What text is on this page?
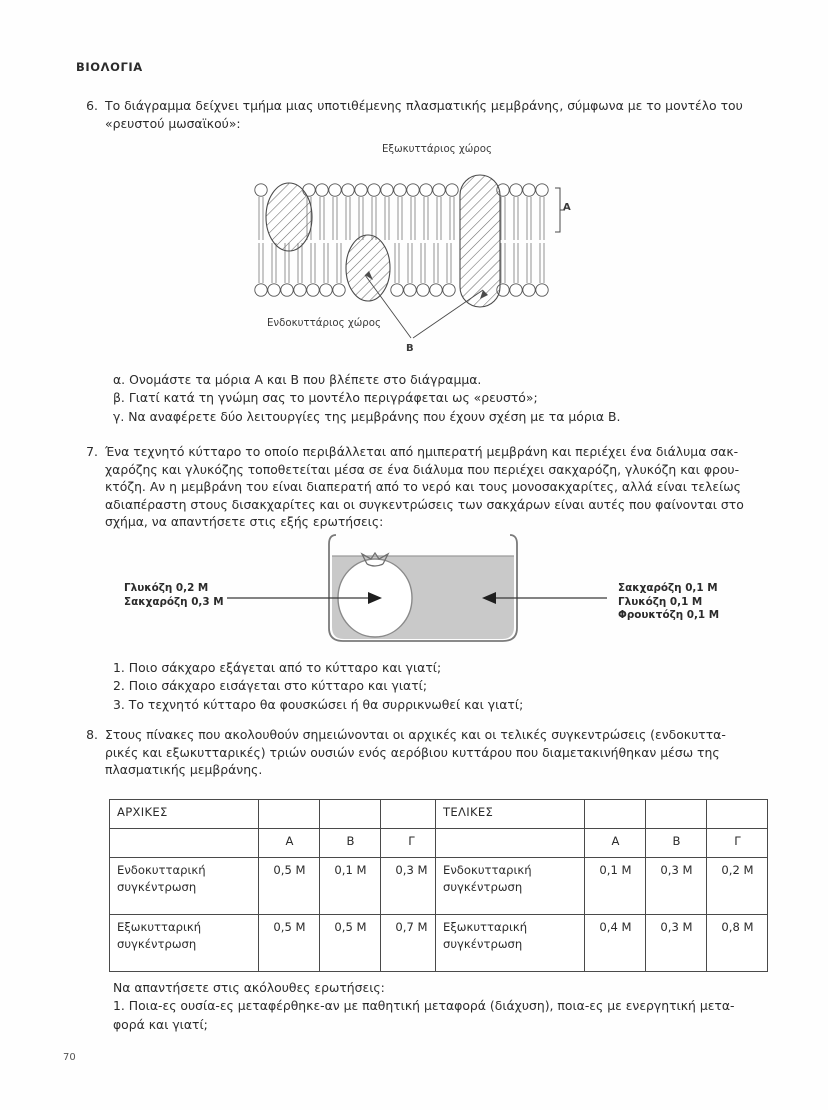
ΒΙΟΛΟΓΙΑ
6. Το διάγραμμα δείχνει τμήμα μιας υποτιθέμενης πλασματικής μεμβράνης, σύμφωνα με το μοντέλο του
«ρευστού μωσαϊκού»:
Εξωκυττάριος χώρος
Ενδοκυττάριος χώρος
A
B
α. Ονομάστε τα μόρια Α και Β που βλέπετε στο διάγραμμα.
β. Γιατί κατά τη γνώμη σας το μοντέλο περιγράφεται ως «ρευστό»;
γ. Να αναφέρετε δύο λειτουργίες της μεμβράνης που έχουν σχέση με τα μόρια Β.
7. Ένα τεχνητό κύτταρο το οποίο περιβάλλεται από ημιπερατή μεμβράνη και περιέχει ένα διάλυμα σακ-
χαρόζης και γλυκόζης τοποθετείται μέσα σε ένα διάλυμα που περιέχει σακχαρόζη, γλυκόζη και φρου-
κτόζη. Αν η μεμβράνη του είναι διαπερατή από το νερό και τους μονοσακχαρίτες, αλλά είναι τελείως
αδιαπέραστη στους δισακχαρίτες και οι συγκεντρώσεις των σακχάρων είναι αυτές που φαίνονται στο
σχήμα, να απαντήσετε στις εξής ερωτήσεις:
Γλυκόζη 0,2 Μ
Σακχαρόζη 0,3 Μ
Σακχαρόζη 0,1 Μ
Γλυκόζη 0,1 Μ
Φρουκτόζη 0,1 Μ
1. Ποιο σάκχαρο εξάγεται από το κύτταρο και γιατί;
2. Ποιο σάκχαρο εισάγεται στο κύτταρο και γιατί;
3. Το τεχνητό κύτταρο θα φουσκώσει ή θα συρρικνωθεί και γιατί;
8. Στους πίνακες που ακολουθούν σημειώνονται οι αρχικές και οι τελικές συγκεντρώσεις (ενδοκυττα-
ρικές και εξωκυτταρικές) τριών ουσιών ενός αερόβιου κυττάρου που διαμετακινήθηκαν μέσω της
πλασματικής μεμβράνης.
ΑΡΧΙΚΕΣ			
	Α	Β	Γ
Ενδοκυτταρική
συγκέντρωση	0,5 Μ	0,1 Μ	0,3 Μ
Εξωκυτταρική
συγκέντρωση	0,5 Μ	0,5 Μ	0,7 Μ
ΤΕΛΙΚΕΣ			
	Α	Β	Γ
Ενδοκυτταρική
συγκέντρωση	0,1 Μ	0,3 Μ	0,2 Μ
Εξωκυτταρική
συγκέντρωση	0,4 Μ	0,3 Μ	0,8 Μ
Να απαντήσετε στις ακόλουθες ερωτήσεις:
1. Ποια-ες ουσία-ες μεταφέρθηκε-αν με παθητική μεταφορά (διάχυση), ποια-ες με ενεργητική μετα-
φορά και γιατί;
70
